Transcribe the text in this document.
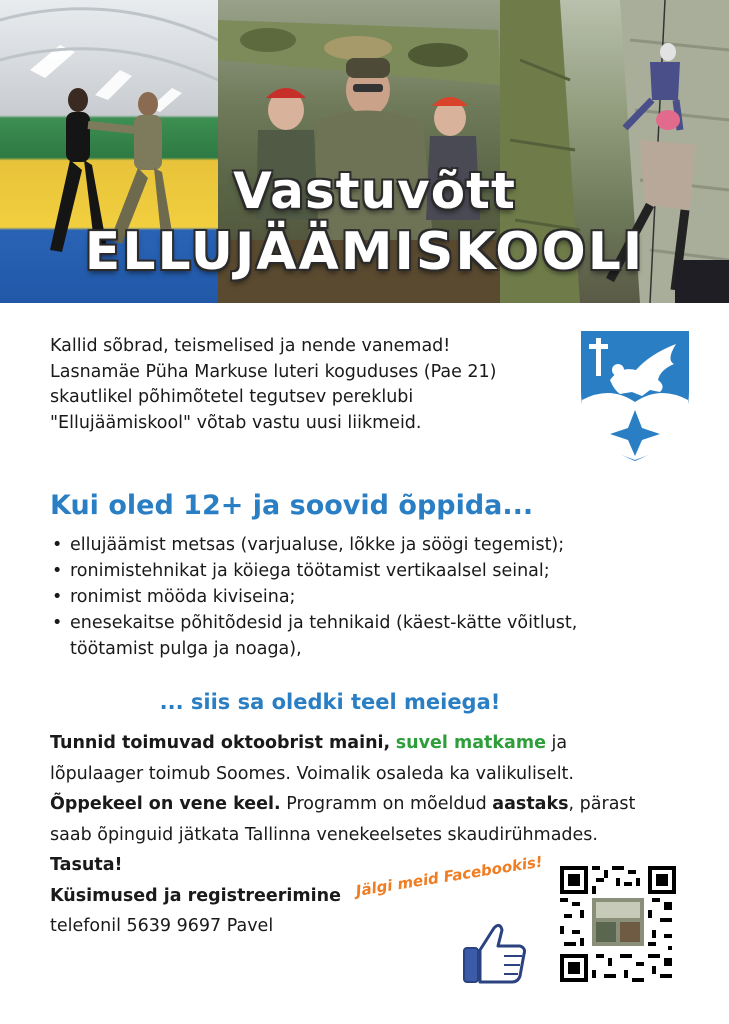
Vastuvõtt
ELLUJÄÄMISKOOLI

Kallid sõbrad, teismelised ja nende vanemad!

Lasnamäe Püha Markuse luteri koguduses (Pae 21)

skautlikel põhimõtetel tegutsev pereklubi

"Ellujäämiskool" võtab vastu uusi liikmeid.

Kui oled 12+ ja soovid õppida...
• ellujäämist metsas (varjualuse, lõkke ja söögi tegemist);
• ronimistehnikat ja köiega töötamist vertikaalsel seinal;
• ronimist mööda kiviseina;
• enesekaitse põhitõdesid ja tehnikaid (käest-kätte võitlust,
töötamist pulga ja noaga),
... siis sa oledki teel meiega!

Tunnid toimuvad oktoobrist maini, suvel matkame ja

lõpulaager toimub Soomes. Voimalik osaleda ka valikuliselt.

Õppekeel on vene keel. Programm on mõeldud aastaks, pärast

saab õpinguid jätkata Tallinna venekeelsetes skaudirühmades.

Tasuta!

Küsimused ja registreerimine

telefonil 5639 9697 Pavel

Jälgi meid Facebookis!
